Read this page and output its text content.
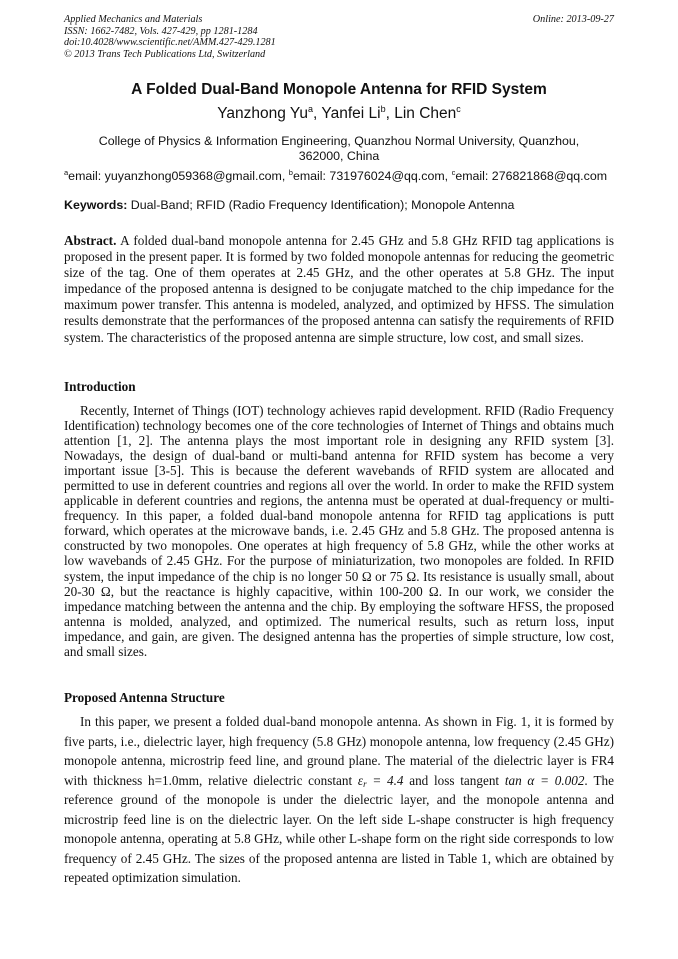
Applied Mechanics and Materials
ISSN: 1662-7482, Vols. 427-429, pp 1281-1284
doi:10.4028/www.scientific.net/AMM.427-429.1281
© 2013 Trans Tech Publications Ltd, Switzerland
Online: 2013-09-27
A Folded Dual-Band Monopole Antenna for RFID System
Yanzhong Yu$^a$, Yanfei Li$^b$, Lin Chen$^c$
College of Physics & Information Engineering, Quanzhou Normal University, Quanzhou, 362000, China
$^a$email: yuyanzhong059368@gmail.com, $^b$email: 731976024@qq.com, $^c$email: 276821868@qq.com
Keywords: Dual-Band; RFID (Radio Frequency Identification); Monopole Antenna
Abstract. A folded dual-band monopole antenna for 2.45 GHz and 5.8 GHz RFID tag applications is proposed in the present paper. It is formed by two folded monopole antennas for reducing the geometric size of the tag. One of them operates at 2.45 GHz, and the other operates at 5.8 GHz. The input impedance of the proposed antenna is designed to be conjugate matched to the chip impedance for the maximum power transfer. This antenna is modeled, analyzed, and optimized by HFSS. The simulation results demonstrate that the performances of the proposed antenna can satisfy the requirements of RFID system. The characteristics of the proposed antenna are simple structure, low cost, and small sizes.
Introduction
Recently, Internet of Things (IOT) technology achieves rapid development. RFID (Radio Frequency Identification) technology becomes one of the core technologies of Internet of Things and obtains much attention [1, 2]. The antenna plays the most important role in designing any RFID system [3]. Nowadays, the design of dual-band or multi-band antenna for RFID system has become a very important issue [3-5]. This is because the deferent wavebands of RFID system are allocated and permitted to use in deferent countries and regions all over the world. In order to make the RFID system applicable in deferent countries and regions, the antenna must be operated at dual-frequency or multi-frequency. In this paper, a folded dual-band monopole antenna for RFID tag applications is putt forward, which operates at the microwave bands, i.e. 2.45 GHz and 5.8 GHz. The proposed antenna is constructed by two monopoles. One operates at high frequency of 5.8 GHz, while the other works at low wavebands of 2.45 GHz. For the purpose of miniaturization, two monopoles are folded. In RFID system, the input impedance of the chip is no longer 50 Ω or 75 Ω. Its resistance is usually small, about 20-30 Ω, but the reactance is highly capacitive, within 100-200 Ω. In our work, we consider the impedance matching between the antenna and the chip. By employing the software HFSS, the proposed antenna is molded, analyzed, and optimized. The numerical results, such as return loss, input impedance, and gain, are given. The designed antenna has the properties of simple structure, low cost, and small sizes.
Proposed Antenna Structure
In this paper, we present a folded dual-band monopole antenna. As shown in Fig. 1, it is formed by five parts, i.e., dielectric layer, high frequency (5.8 GHz) monopole antenna, low frequency (2.45 GHz) monopole antenna, microstrip feed line, and ground plane. The material of the dielectric layer is FR4 with thickness h=1.0mm, relative dielectric constant $\varepsilon_r = 4.4$ and loss tangent tan α = 0.002. The reference ground of the monopole is under the dielectric layer, and the monopole antenna and microstrip feed line is on the dielectric layer. On the left side L-shape constructer is high frequency monopole antenna, operating at 5.8 GHz, while other L-shape form on the right side corresponds to low frequency of 2.45 GHz. The sizes of the proposed antenna are listed in Table 1, which are obtained by repeated optimization simulation.
